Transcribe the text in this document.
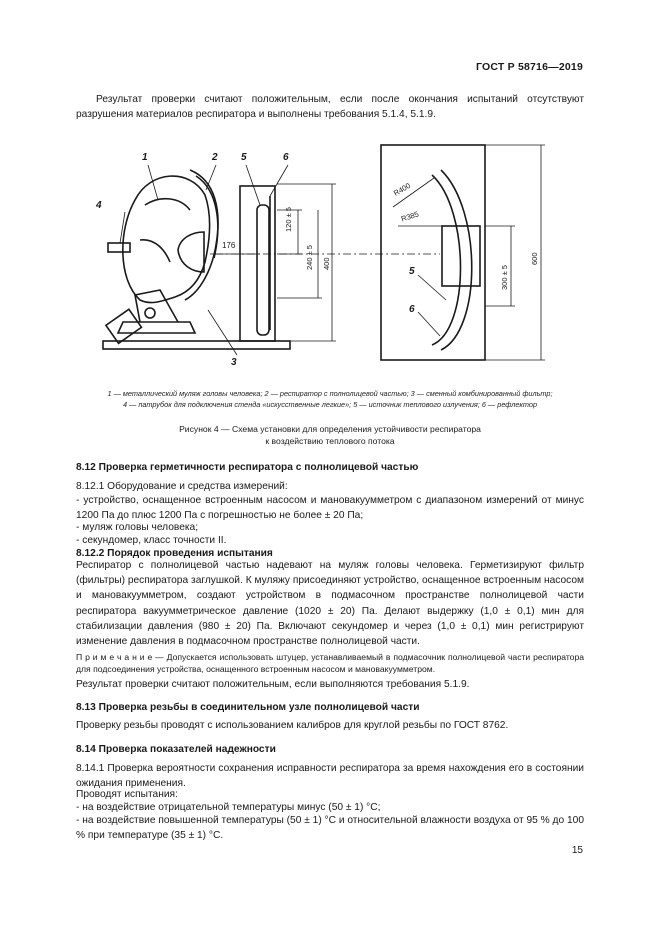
ГОСТ Р 58716—2019

Результат проверки считают положительным, если после окончания испытаний отсутствуют разрушения материалов респиратора и выполнены требования 5.1.4, 5.1.9.

1	2
3
4
5	6
5
6
176
120 ± 5
240 ± 5 400
R400
R385
300 ± 5
600
1 — металлический муляж головы человека; 2 — респиратор с полнолицевой частью; 3 — сменный комбинированный фильтр;
4 — патрубок для подключения стенда «искусственные легкие»; 5 — источник теплового излучения; 6 — рефлектор
Рисунок 4 — Схема установки для определения устойчивости респиратора
к воздействию теплового потока
8.12 Проверка герметичности респиратора с полнолицевой частью

8.12.1 Оборудование и средства измерений:

- устройство, оснащенное встроенным насосом и мановакуумметром с диапазоном измерений от минус 1200 Па до плюс 1200 Па с погрешностью не более ± 20 Па;

- муляж головы человека;

- секундомер, класс точности II.

8.12.2 Порядок проведения испытания

Респиратор с полнолицевой частью надевают на муляж головы человека. Герметизируют фильтр (фильтры) респиратора заглушкой. К муляжу присоединяют устройство, оснащенное встроенным насосом и мановакуумметром, создают устройством в подмасочном пространстве полнолицевой части респиратора вакуумметрическое давление (1020 ± 20) Па. Делают выдержку (1,0 ± 0,1) мин для стабилизации давления (980 ± 20) Па. Включают секундомер и через (1,0 ± 0,1) мин регистрируют изменение давления в подмасочном пространстве полнолицевой части.

П р и м е ч а н и е — Допускается использовать штуцер, устанавливаемый в подмасочник полнолицевой части респиратора для подсоединения устройства, оснащенного встроенным насосом и мановакуумметром.

Результат проверки считают положительным, если выполняются требования 5.1.9.

8.13 Проверка резьбы в соединительном узле полнолицевой части

Проверку резьбы проводят с использованием калибров для круглой резьбы по ГОСТ 8762.

8.14 Проверка показателей надежности

8.14.1 Проверка вероятности сохранения исправности респиратора за время нахождения его в состоянии ожидания применения.

Проводят испытания:

- на воздействие отрицательной температуры минус (50 ± 1) °С;

- на воздействие повышенной температуры (50 ± 1) °С и относительной влажности воздуха от 95 % до 100 % при температуре (35 ± 1) °С.

15
